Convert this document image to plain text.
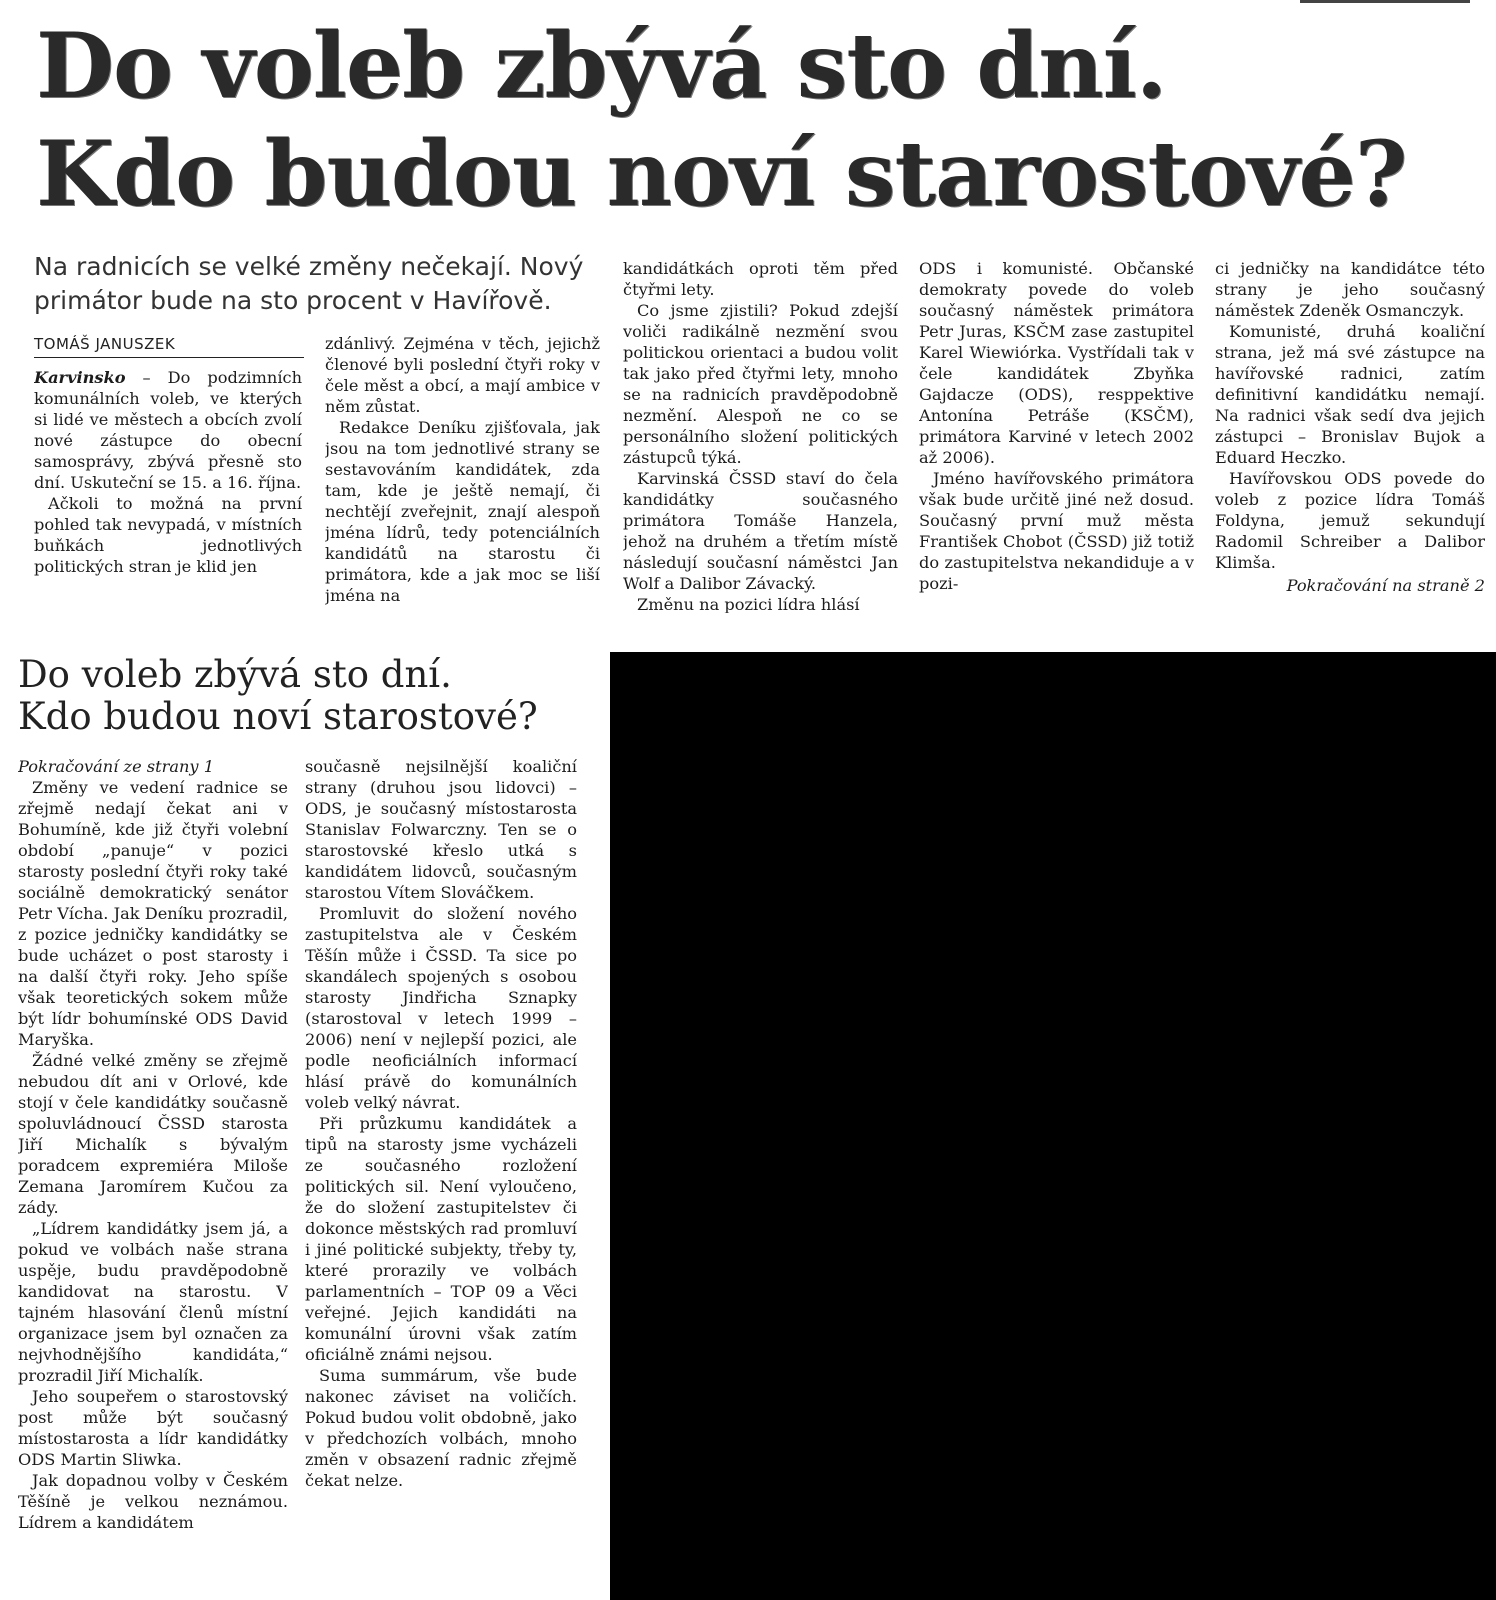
Do voleb zbývá sto dní.
Kdo budou noví starostové?
Na radnicích se velké změny nečekají. Nový primátor bude na sto procent v Havířově.
TOMÁŠ JANUSZEK

Karvinsko – Do podzimních komunálních voleb, ve kterých si lidé ve městech a obcích zvolí nové zástupce do obecní samosprávy, zbývá přesně sto dní. Uskuteční se 15. a 16. října.

Ačkoli to možná na první pohled tak nevypadá, v místních buňkách jednotlivých politických stran je klid jen

zdánlivý. Zejména v těch, jejichž členové byli poslední čtyři roky v čele měst a obcí, a mají ambice v něm zůstat.

Redakce Deníku zjišťovala, jak jsou na tom jednotlivé strany se sestavováním kandidátek, zda tam, kde je ještě nemají, či nechtějí zveřejnit, znají alespoň jména lídrů, tedy potenciálních kandidátů na starostu či primátora, kde a jak moc se liší jména na

kandidátkách oproti těm před čtyřmi lety.

Co jsme zjistili? Pokud zdejší voliči radikálně nezmění svou politickou orientaci a budou volit tak jako před čtyřmi lety, mnoho se na radnicích pravděpodobně nezmění. Alespoň ne co se personálního složení politických zástupců týká.

Karvinská ČSSD staví do čela kandidátky současného primátora Tomáše Hanzela, jehož na druhém a třetím místě následují současní náměstci Jan Wolf a Dalibor Závacký.

Změnu na pozici lídra hlásí

ODS i komunisté. Občanské demokraty povede do voleb současný náměstek primátora Petr Juras, KSČM zase zastupitel Karel Wiewiórka. Vystřídali tak v čele kandidátek Zbyňka Gajdacze (ODS), resppektive Antonína Petráše (KSČM), primátora Karviné v letech 2002 až 2006).

Jméno havířovského primátora však bude určitě jiné než dosud. Současný první muž města František Chobot (ČSSD) již totiž do zastupitelstva nekandiduje a v pozi-

ci jedničky na kandidátce této strany je jeho současný náměstek Zdeněk Osmanczyk.

Komunisté, druhá koaliční strana, jež má své zástupce na havířovské radnici, zatím definitivní kandidátku nemají. Na radnici však sedí dva jejich zástupci – Bronislav Bujok a Eduard Heczko.

Havířovskou ODS povede do voleb z pozice lídra Tomáš Foldyna, jemuž sekundují Radomil Schreiber a Dalibor Klimša.

Pokračování na straně 2

Do voleb zbývá sto dní.
Kdo budou noví starostové?

Pokračování ze strany 1

Změny ve vedení radnice se zřejmě nedají čekat ani v Bohumíně, kde již čtyři volební období „panuje“ v pozici starosty poslední čtyři roky také sociálně demokratický senátor Petr Vícha. Jak Deníku prozradil, z pozice jedničky kandidátky se bude ucházet o post starosty i na další čtyři roky. Jeho spíše však teoretických sokem může být lídr bohumínské ODS David Maryška.

Žádné velké změny se zřejmě nebudou dít ani v Orlové, kde stojí v čele kandidátky současně spoluvládnoucí ČSSD starosta Jiří Michalík s bývalým poradcem expremiéra Miloše Zemana Jaromírem Kučou za zády.

„Lídrem kandidátky jsem já, a pokud ve volbách naše strana uspěje, budu pravděpodobně kandidovat na starostu. V tajném hlasování členů místní organizace jsem byl označen za nejvhodnějšího kandidáta,“ prozradil Jiří Michalík.

Jeho soupeřem o starostovský post může být současný místostarosta a lídr kandidátky ODS Martin Sliwka.

Jak dopadnou volby v Českém Těšíně je velkou neznámou. Lídrem a kandidátem

současně nejsilnější koaliční strany (druhou jsou lidovci) – ODS, je současný místostarosta Stanislav Folwarczny. Ten se o starostovské křeslo utká s kandidátem lidovců, současným starostou Vítem Slováčkem.

Promluvit do složení nového zastupitelstva ale v Českém Těšín může i ČSSD. Ta sice po skandálech spojených s osobou starosty Jindřicha Sznapky (starostoval v letech 1999 – 2006) není v nejlepší pozici, ale podle neoficiálních informací hlásí právě do komunálních voleb velký návrat.

Při průzkumu kandidátek a tipů na starosty jsme vycházeli ze současného rozložení politických sil. Není vyloučeno, že do složení zastupitelstev či dokonce městských rad promluví i jiné politické subjekty, třeby ty, které prorazily ve volbách parlamentních – TOP 09 a Věci veřejné. Jejich kandidáti na komunální úrovni však zatím oficiálně známi nejsou.

Suma summárum, vše bude nakonec záviset na voličích. Pokud budou volit obdobně, jako v předchozích volbách, mnoho změn v obsazení radnic zřejmě čekat nelze.
